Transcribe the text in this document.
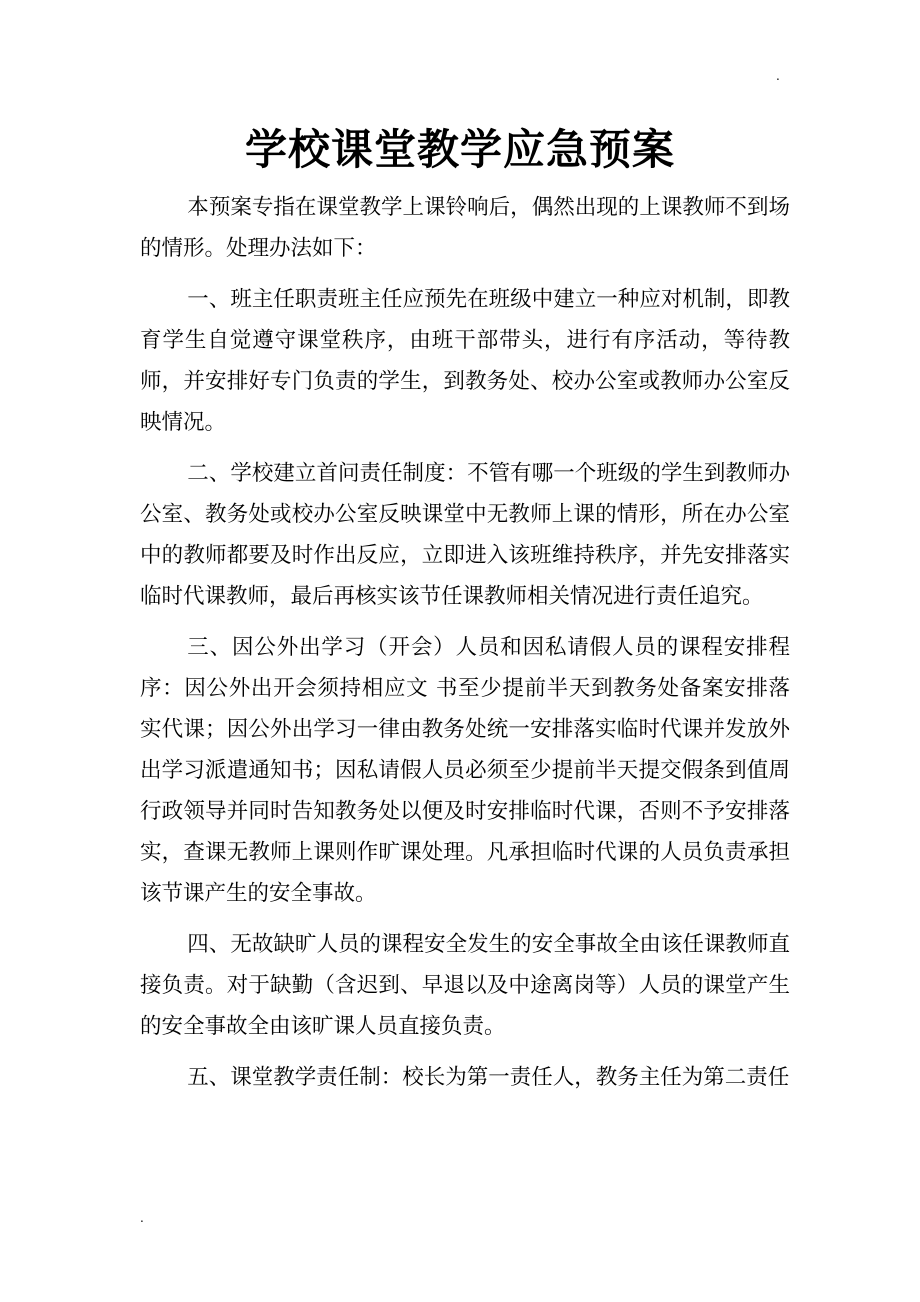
.
学校课堂教学应急预案

本预案专指在课堂教学上课铃响后，偶然出现的上课教师不到场的情形。处理办法如下：

一、班主任职责班主任应预先在班级中建立一种应对机制，即教育学生自觉遵守课堂秩序，由班干部带头，进行有序活动，等待教师，并安排好专门负责的学生，到教务处、校办公室或教师办公室反映情况。

二、学校建立首问责任制度：不管有哪一个班级的学生到教师办公室、教务处或校办公室反映课堂中无教师上课的情形，所在办公室中的教师都要及时作出反应，立即进入该班维持秩序，并先安排落实临时代课教师，最后再核实该节任课教师相关情况进行责任追究。

三、因公外出学习（开会）人员和因私请假人员的课程安排程序：因公外出开会须持相应文 书至少提前半天到教务处备案安排落实代课；因公外出学习一律由教务处统一安排落实临时代课并发放外出学习派遣通知书；因私请假人员必须至少提前半天提交假条到值周行政领导并同时告知教务处以便及时安排临时代课，否则不予安排落实，查课无教师上课则作旷课处理。凡承担临时代课的人员负责承担该节课产生的安全事故。

四、无故缺旷人员的课程安全发生的安全事故全由该任课教师直接负责。对于缺勤（含迟到、早退以及中途离岗等）人员的课堂产生的安全事故全由该旷课人员直接负责。

五、课堂教学责任制：校长为第一责任人，教务主任为第二责任

.
